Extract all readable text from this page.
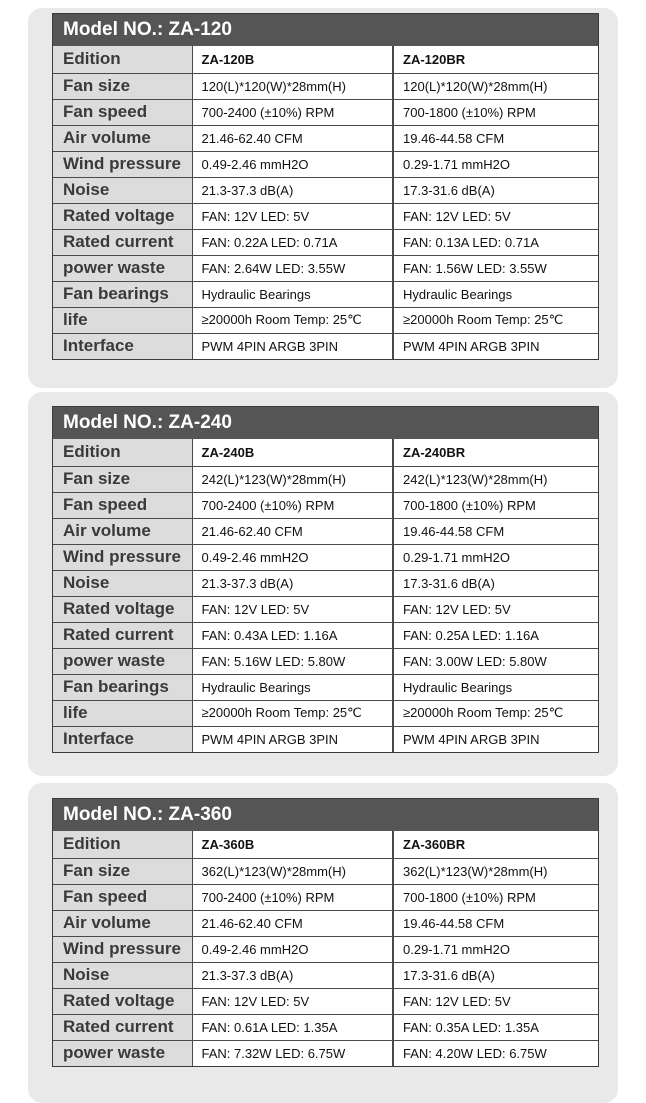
Model NO.: ZA-120
Edition	ZA-120B	ZA-120BR
Fan size	120(L)*120(W)*28mm(H)	120(L)*120(W)*28mm(H)
Fan speed	700-2400 (±10%) RPM	700-1800 (±10%) RPM
Air volume	21.46-62.40 CFM	19.46-44.58 CFM
Wind pressure	0.49-2.46 mmH2O	0.29-1.71 mmH2O
Noise	21.3-37.3 dB(A)	17.3-31.6 dB(A)
Rated voltage	FAN: 12V LED: 5V	FAN: 12V LED: 5V
Rated current	FAN: 0.22A LED: 0.71A	FAN: 0.13A LED: 0.71A
power waste	FAN: 2.64W LED: 3.55W	FAN: 1.56W LED: 3.55W
Fan bearings	Hydraulic Bearings	Hydraulic Bearings
life	≥20000h Room Temp: 25℃	≥20000h Room Temp: 25℃
Interface	PWM 4PIN ARGB 3PIN	PWM 4PIN ARGB 3PIN
Model NO.: ZA-240
Edition	ZA-240B	ZA-240BR
Fan size	242(L)*123(W)*28mm(H)	242(L)*123(W)*28mm(H)
Fan speed	700-2400 (±10%) RPM	700-1800 (±10%) RPM
Air volume	21.46-62.40 CFM	19.46-44.58 CFM
Wind pressure	0.49-2.46 mmH2O	0.29-1.71 mmH2O
Noise	21.3-37.3 dB(A)	17.3-31.6 dB(A)
Rated voltage	FAN: 12V LED: 5V	FAN: 12V LED: 5V
Rated current	FAN: 0.43A LED: 1.16A	FAN: 0.25A LED: 1.16A
power waste	FAN: 5.16W LED: 5.80W	FAN: 3.00W LED: 5.80W
Fan bearings	Hydraulic Bearings	Hydraulic Bearings
life	≥20000h Room Temp: 25℃	≥20000h Room Temp: 25℃
Interface	PWM 4PIN ARGB 3PIN	PWM 4PIN ARGB 3PIN
Model NO.: ZA-360
Edition	ZA-360B	ZA-360BR
Fan size	362(L)*123(W)*28mm(H)	362(L)*123(W)*28mm(H)
Fan speed	700-2400 (±10%) RPM	700-1800 (±10%) RPM
Air volume	21.46-62.40 CFM	19.46-44.58 CFM
Wind pressure	0.49-2.46 mmH2O	0.29-1.71 mmH2O
Noise	21.3-37.3 dB(A)	17.3-31.6 dB(A)
Rated voltage	FAN: 12V LED: 5V	FAN: 12V LED: 5V
Rated current	FAN: 0.61A LED: 1.35A	FAN: 0.35A LED: 1.35A
power waste	FAN: 7.32W LED: 6.75W	FAN: 4.20W LED: 6.75W
